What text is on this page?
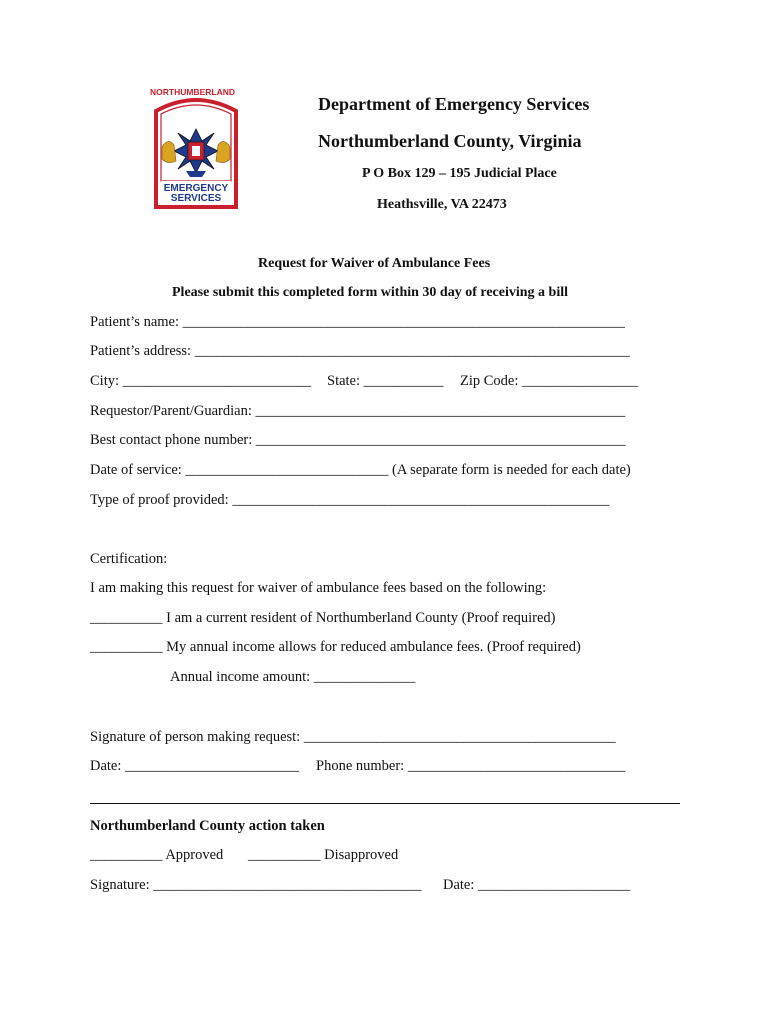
NORTHUMBERLAND
EMERGENCY
SERVICES
Department of Emergency Services
Northumberland County, Virginia
P O Box 129 – 195 Judicial Place
Heathsville, VA 22473
Request for Waiver of Ambulance Fees
Please submit this completed form within 30 day of receiving a bill
Patient’s name: _____________________________________________________________
Patient’s address: ____________________________________________________________
City: __________________________ State: ___________ Zip Code: ________________
Requestor/Parent/Guardian: ___________________________________________________
Best contact phone number: ___________________________________________________
Date of service: ____________________________ (A separate form is needed for each date)
Type of proof provided: ____________________________________________________
Certification:
I am making this request for waiver of ambulance fees based on the following:
__________ I am a current resident of Northumberland County (Proof required)
__________ My annual income allows for reduced ambulance fees. (Proof required)
Annual income amount: ______________
Signature of person making request: ___________________________________________
Date: ________________________ Phone number: ______________________________
Northumberland County action taken
__________ Approved __________ Disapproved
Signature: _____________________________________ Date: _____________________
